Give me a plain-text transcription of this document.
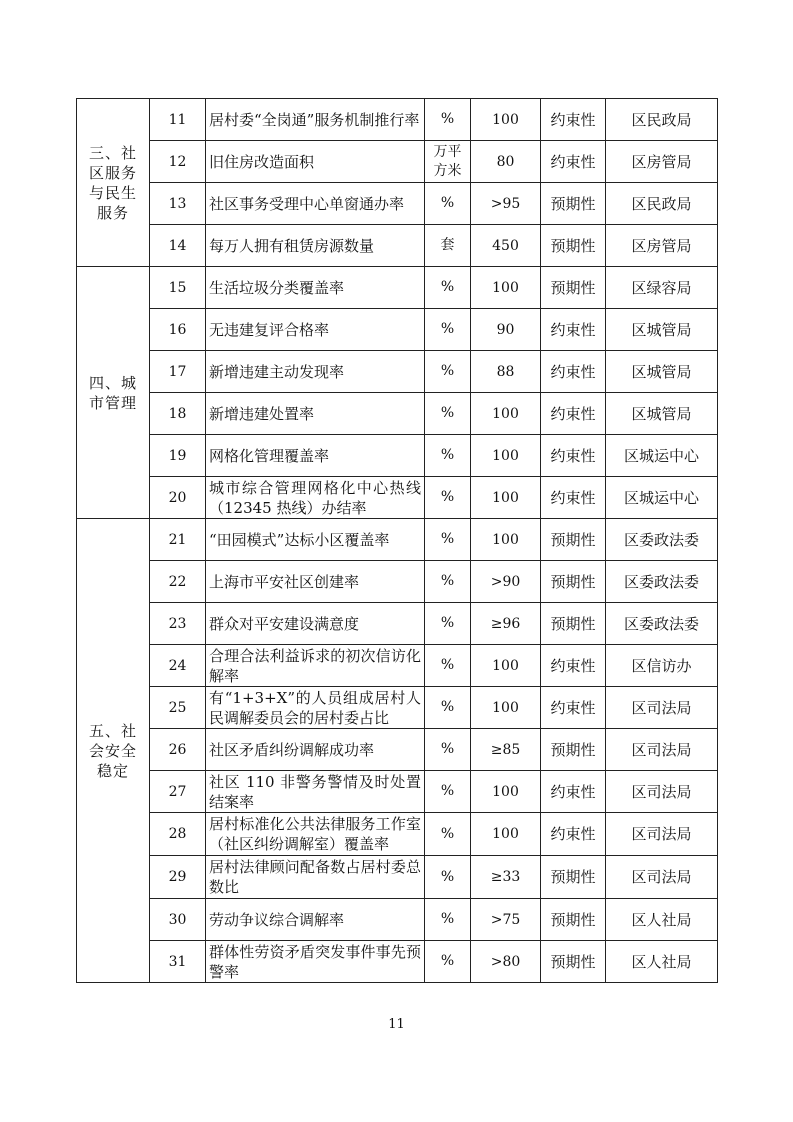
三、社区服务与民生服务	11	居村委“全岗通”服务机制推行率	%	100	约束性	区民政局
	12	旧住房改造面积	万平方米	80	约束性	区房管局
	13	社区事务受理中心单窗通办率	%	>95	预期性	区民政局
	14	每万人拥有租赁房源数量	套	450	预期性	区房管局
四、城市管理	15	生活垃圾分类覆盖率	%	100	预期性	区绿容局
	16	无违建复评合格率	%	90	约束性	区城管局
	17	新增违建主动发现率	%	88	约束性	区城管局
	18	新增违建处置率	%	100	约束性	区城管局
	19	网格化管理覆盖率	%	100	约束性	区城运中心
	20	城市综合管理网格化中心热线（12345 热线）办结率	%	100	约束性	区城运中心
五、社会安全稳定	21	“田园模式”达标小区覆盖率	%	100	预期性	区委政法委
	22	上海市平安社区创建率	%	>90	预期性	区委政法委
	23	群众对平安建设满意度	%	≥96	预期性	区委政法委
	24	合理合法利益诉求的初次信访化解率	%	100	约束性	区信访办
	25	有“1+3+X”的人员组成居村人民调解委员会的居村委占比	%	100	约束性	区司法局
	26	社区矛盾纠纷调解成功率	%	≥85	预期性	区司法局
	27	社区 110 非警务警情及时处置结案率	%	100	约束性	区司法局
	28	居村标准化公共法律服务工作室（社区纠纷调解室）覆盖率	%	100	约束性	区司法局
	29	居村法律顾问配备数占居村委总数比	%	≥33	预期性	区司法局
	30	劳动争议综合调解率	%	>75	预期性	区人社局
	31	群体性劳资矛盾突发事件事先预警率	%	>80	预期性	区人社局
11
